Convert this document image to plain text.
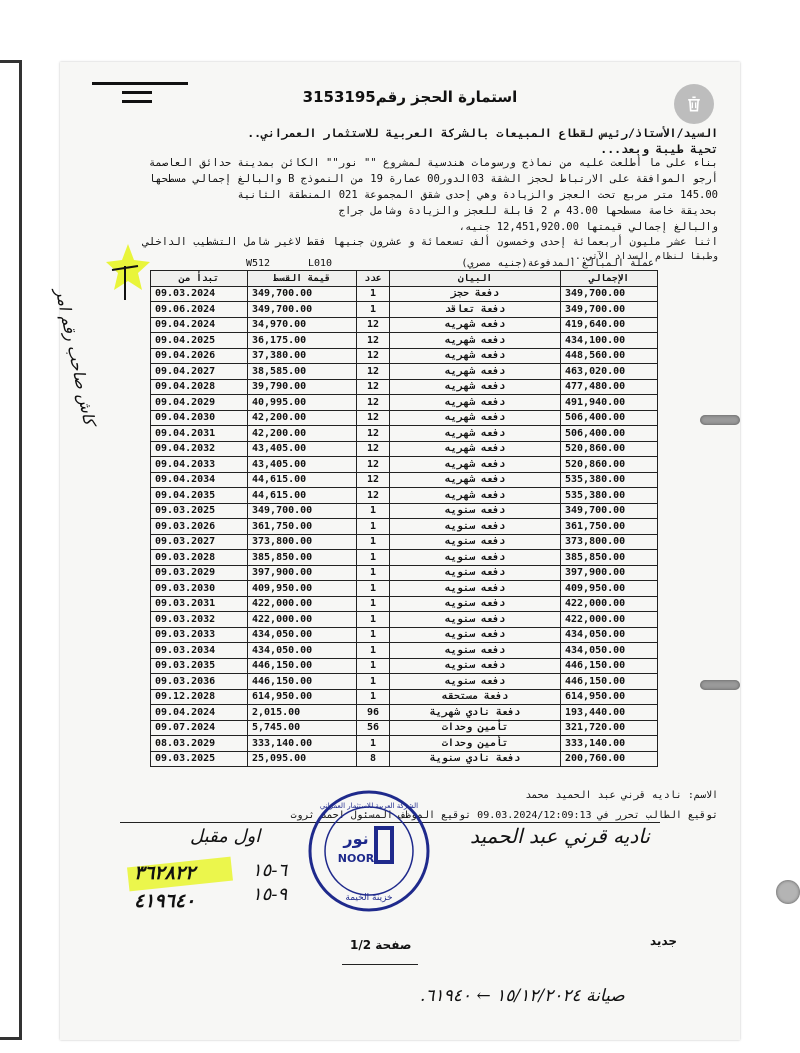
استمارة الحجز رقم3153195
السيد/الأستاذ/رئيس لقطاع المبيعات بالشركة العربية للاستثمار العمراني..
تحية طيبة وبعد...
بناء على ما أطلعت عليه من نماذج ورسومات هندسية لمشروع "" نور"" الكائن بمدينة حدائق العاصمة
أرجو الموافقة على الارتباط لحجز الشقة 03الدور00 عمارة 19 من النموذج B والبالغ إجمالي مسطحها
145.00 متر مربع تحت العجز والزيادة وهي إحدى شقق المجموعة 021 المنطقة الثانية
بحديقة خاصة مسطحها 43.00 م 2 قابلة للعجز والزيادة وشامل جراج
والبالغ إجمالي قيمتها 12,451,920.00 جنيه،
اثنا عشر مليون أربعمائة إحدى وخمسون ألف تسعمائة و عشرون جنيها فقط لاغير شامل التشطيب الداخلي
وطبقا لنظام السداد الآتي...
W512	L010	عملة المبالغ المدفوعة(جنيه مصري)
تبدأ من	قيمة القسط	عدد	البيان	الإجمالي
09.03.2024	349,700.00	1	دفعة حجز	349,700.00
09.06.2024	349,700.00	1	دفعة تعاقد	349,700.00
09.04.2024	34,970.00	12	دفعه شهريه	419,640.00
09.04.2025	36,175.00	12	دفعه شهريه	434,100.00
09.04.2026	37,380.00	12	دفعه شهريه	448,560.00
09.04.2027	38,585.00	12	دفعه شهريه	463,020.00
09.04.2028	39,790.00	12	دفعه شهريه	477,480.00
09.04.2029	40,995.00	12	دفعه شهريه	491,940.00
09.04.2030	42,200.00	12	دفعه شهريه	506,400.00
09.04.2031	42,200.00	12	دفعه شهريه	506,400.00
09.04.2032	43,405.00	12	دفعه شهريه	520,860.00
09.04.2033	43,405.00	12	دفعه شهريه	520,860.00
09.04.2034	44,615.00	12	دفعه شهريه	535,380.00
09.04.2035	44,615.00	12	دفعه شهريه	535,380.00
09.03.2025	349,700.00	1	دفعه سنويه	349,700.00
09.03.2026	361,750.00	1	دفعه سنويه	361,750.00
09.03.2027	373,800.00	1	دفعه سنويه	373,800.00
09.03.2028	385,850.00	1	دفعه سنويه	385,850.00
09.03.2029	397,900.00	1	دفعه سنويه	397,900.00
09.03.2030	409,950.00	1	دفعه سنويه	409,950.00
09.03.2031	422,000.00	1	دفعه سنويه	422,000.00
09.03.2032	422,000.00	1	دفعه سنويه	422,000.00
09.03.2033	434,050.00	1	دفعه سنويه	434,050.00
09.03.2034	434,050.00	1	دفعه سنويه	434,050.00
09.03.2035	446,150.00	1	دفعه سنويه	446,150.00
09.03.2036	446,150.00	1	دفعه سنويه	446,150.00
09.12.2028	614,950.00	1	دفعة مستحقه	614,950.00
09.04.2024	2,015.00	96	دفعة نادي شهرية	193,440.00
09.07.2024	5,745.00	56	تأمين وحدات	321,720.00
08.03.2029	333,140.00	1	تأمين وحدات	333,140.00
09.03.2025	25,095.00	8	دفعة نادي سنوية	200,760.00
كاش صاحب رقم امر
الاسم: ناديه قرني عبد الحميد محمد
توقيع الطالب تحرر في 09.03.2024/12:09:13 توقيع الموظف المسئول احمد ثروت
نور
NOOR
الشركة العربية للاستثمار العمراني
خزينة الخيمة
اول مقبل	ناديه قرني عبد الحميد
٣٦٢٨٢٢
٤١٩٦٤٠
٦-١٥
٩-١٥
جديد
صفحة 1/2
صيانة ١٥/١٢/٢٠٢٤ ← ٦١٩٤٠.
